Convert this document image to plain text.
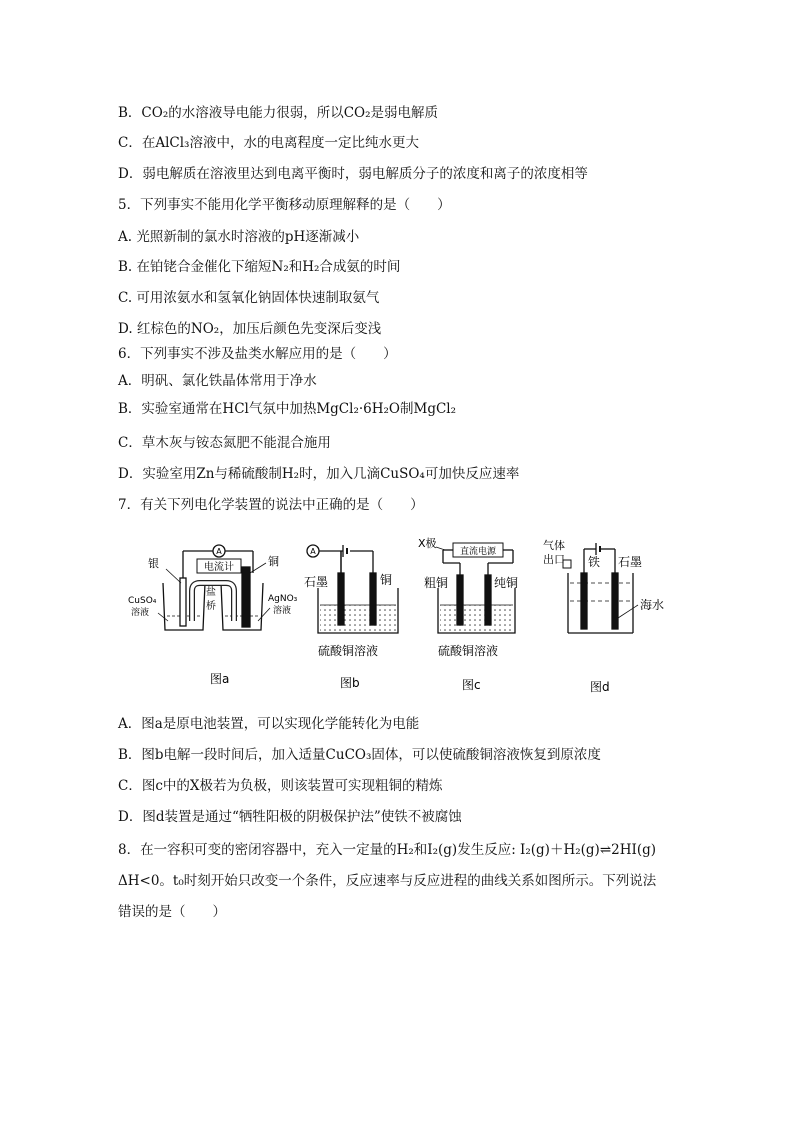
B．CO₂的水溶液导电能力很弱，所以CO₂是弱电解质
C．在AlCl₃溶液中，水的电离程度一定比纯水更大
D．弱电解质在溶液里达到电离平衡时，弱电解质分子的浓度和离子的浓度相等
5．下列事实不能用化学平衡移动原理解释的是（　　）
A. 光照新制的氯水时溶液的pH逐渐减小
B. 在铂铑合金催化下缩短N₂和H₂合成氨的时间
C. 可用浓氨水和氢氧化钠固体快速制取氨气
D. 红棕色的NO₂，加压后颜色先变深后变浅
6．下列事实不涉及盐类水解应用的是（　　）
A．明矾、氯化铁晶体常用于净水
B．实验室通常在HCl气氛中加热MgCl₂·6H₂O制MgCl₂
C．草木灰与铵态氮肥不能混合施用
D．实验室用Zn与稀硫酸制H₂时，加入几滴CuSO₄可加快反应速率
7．有关下列电化学装置的说法中正确的是（　　）
A
电流计
银	铜
盐
桥
CuSO₄
溶液
AgNO₃
溶液
图a
A
石墨	铜
硫酸铜溶液
图b
X极
直流电源
粗铜	纯铜
硫酸铜溶液
图c
气体
出口 铁 石墨
海水
图d
A．图a是原电池装置，可以实现化学能转化为电能
B．图b电解一段时间后，加入适量CuCO₃固体，可以使硫酸铜溶液恢复到原浓度
C．图c中的X极若为负极，则该装置可实现粗铜的精炼
D．图d装置是通过“牺牲阳极的阴极保护法”使铁不被腐蚀
8．在一容积可变的密闭容器中，充入一定量的H₂和I₂(g)发生反应: I₂(g)＋H₂(g)⇌2HI(g)
ΔH<0。t₀时刻开始只改变一个条件，反应速率与反应进程的曲线关系如图所示。下列说法
错误的是（　　）
